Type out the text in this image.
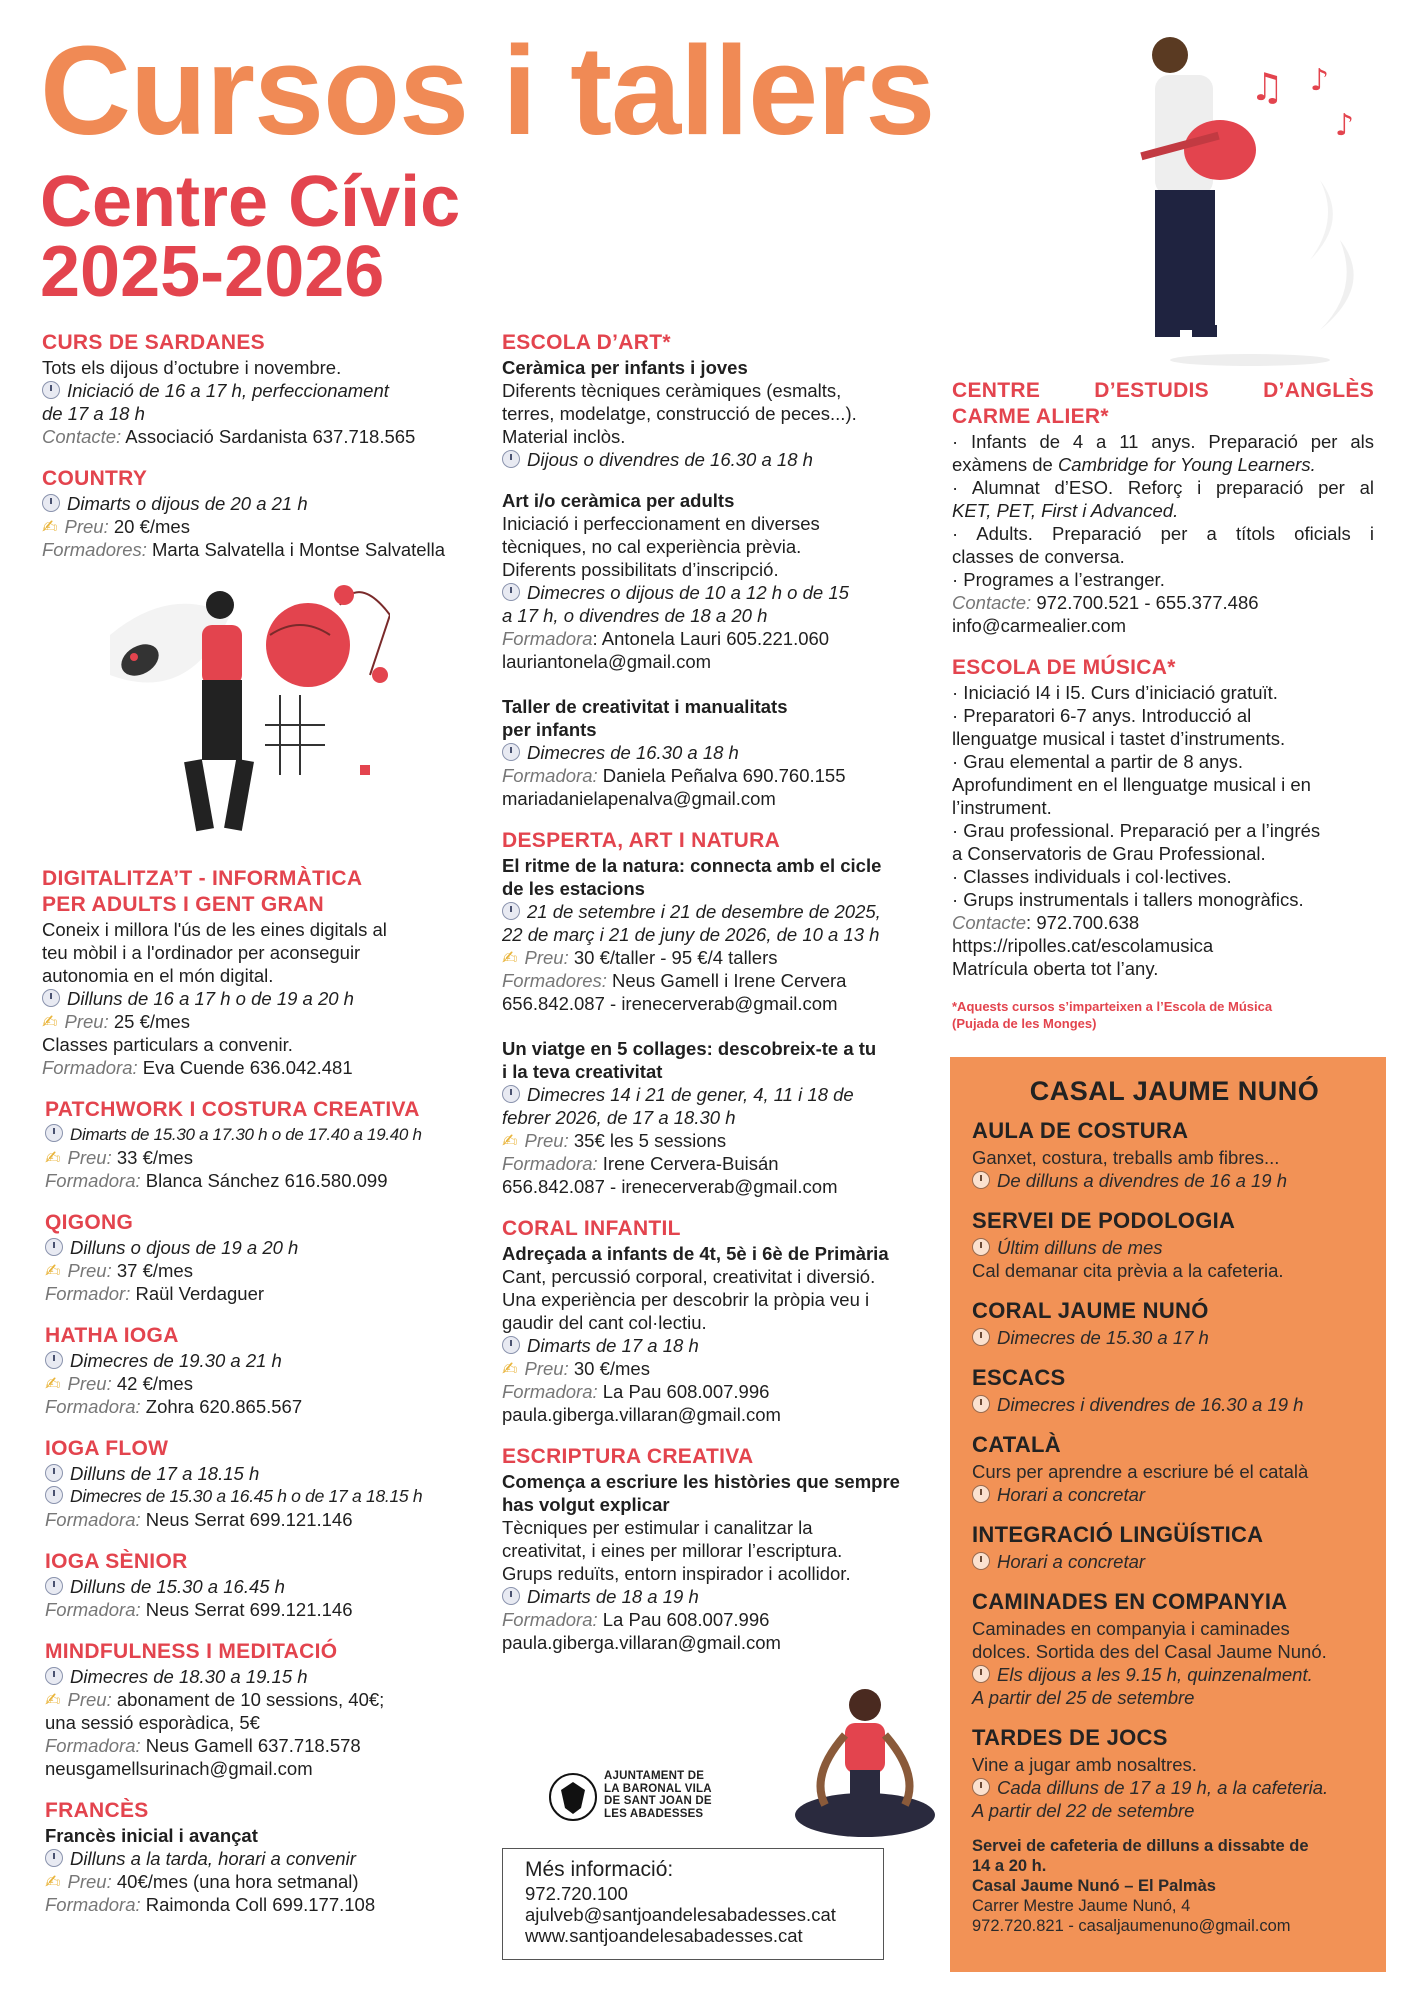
Cursos i tallers
Centre Cívic
2025-2026
♫ ♪
♪
CURS DE SARDANES
Tots els dijous d’octubre i novembre.
Iniciació de 16 a 17 h, perfeccionament
de 17 a 18 h
Contacte: Associació Sardanista 637.718.565
COUNTRY
Dimarts o dijous de 20 a 21 h
✍ Preu: 20 €/mes
Formadores: Marta Salvatella i Montse Salvatella
DIGITALITZA’T - INFORMÀTICA
PER ADULTS I GENT GRAN
Coneix i millora l'ús de les eines digitals al
teu mòbil i a l'ordinador per aconseguir
autonomia en el món digital.
Dilluns de 16 a 17 h o de 19 a 20 h
✍ Preu: 25 €/mes
Classes particulars a convenir.
Formadora: Eva Cuende 636.042.481
PATCHWORK I COSTURA CREATIVA
Dimarts de 15.30 a 17.30 h o de 17.40 a 19.40 h
✍ Preu: 33 €/mes
Formadora: Blanca Sánchez 616.580.099
QIGONG
Dilluns o djous de 19 a 20 h
✍ Preu: 37 €/mes
Formador: Raül Verdaguer
HATHA IOGA
Dimecres de 19.30 a 21 h
✍ Preu: 42 €/mes
Formadora: Zohra 620.865.567
IOGA FLOW
Dilluns de 17 a 18.15 h
Dimecres de 15.30 a 16.45 h o de 17 a 18.15 h
Formadora: Neus Serrat 699.121.146
IOGA SÈNIOR
Dilluns de 15.30 a 16.45 h
Formadora: Neus Serrat 699.121.146
MINDFULNESS I MEDITACIÓ
Dimecres de 18.30 a 19.15 h
✍ Preu: abonament de 10 sessions, 40€;
una sessió esporàdica, 5€
Formadora: Neus Gamell 637.718.578
neusgamellsurinach@gmail.com
FRANCÈS
Francès inicial i avançat
Dilluns a la tarda, horari a convenir
✍ Preu: 40€/mes (una hora setmanal)
Formadora: Raimonda Coll 699.177.108
ESCOLA D’ART*
Ceràmica per infants i joves
Diferents tècniques ceràmiques (esmalts,
terres, modelatge, construcció de peces...).
Material inclòs.
Dijous o divendres de 16.30 a 18 h
Art i/o ceràmica per adults
Iniciació i perfeccionament en diverses
tècniques, no cal experiència prèvia.
Diferents possibilitats d’inscripció.
Dimecres o dijous de 10 a 12 h o de 15
a 17 h, o divendres de 18 a 20 h
Formadora: Antonela Lauri 605.221.060
lauriantonela@gmail.com
Taller de creativitat i manualitats
per infants
Dimecres de 16.30 a 18 h
Formadora: Daniela Peñalva 690.760.155
mariadanielapenalva@gmail.com
DESPERTA, ART I NATURA
El ritme de la natura: connecta amb el cicle
de les estacions
21 de setembre i 21 de desembre de 2025,
22 de març i 21 de juny de 2026, de 10 a 13 h
✍ Preu: 30 €/taller - 95 €/4 tallers
Formadores: Neus Gamell i Irene Cervera
656.842.087 - irenecerverab@gmail.com
Un viatge en 5 collages: descobreix-te a tu
i la teva creativitat
Dimecres 14 i 21 de gener, 4, 11 i 18 de
febrer 2026, de 17 a 18.30 h
✍ Preu: 35€ les 5 sessions
Formadora: Irene Cervera-Buisán
656.842.087 - irenecerverab@gmail.com
CORAL INFANTIL
Adreçada a infants de 4t, 5è i 6è de Primària
Cant, percussió corporal, creativitat i diversió.
Una experiència per descobrir la pròpia veu i
gaudir del cant col·lectiu.
Dimarts de 17 a 18 h
✍ Preu: 30 €/mes
Formadora: La Pau 608.007.996
paula.giberga.villaran@gmail.com
ESCRIPTURA CREATIVA
Comença a escriure les històries que sempre
has volgut explicar
Tècniques per estimular i canalitzar la
creativitat, i eines per millorar l’escriptura.
Grups reduïts, entorn inspirador i acollidor.
Dimarts de 18 a 19 h
Formadora: La Pau 608.007.996
paula.giberga.villaran@gmail.com
AJUNTAMENT DE
LA BARONAL VILA
DE SANT JOAN DE
LES ABADESSES
Més informació:
972.720.100
ajulveb@santjoandelesabadesses.cat
www.santjoandelesabadesses.cat
CENTRE D’ESTUDIS D’ANGLÈS
CARME ALIER*
· Infants de 4 a 11 anys. Preparació per als
exàmens de Cambridge for Young Learners.
· Alumnat d’ESO. Reforç i preparació per al
KET, PET, First i Advanced.
· Adults. Preparació per a títols oficials i
classes de conversa.
· Programes a l’estranger.
Contacte: 972.700.521 - 655.377.486
info@carmealier.com
ESCOLA DE MÚSICA*
· Iniciació I4 i I5. Curs d’iniciació gratuït.
· Preparatori 6-7 anys. Introducció al
llenguatge musical i tastet d’instruments.
· Grau elemental a partir de 8 anys.
Aprofundiment en el llenguatge musical i en
l’instrument.
· Grau professional. Preparació per a l’ingrés
a Conservatoris de Grau Professional.
· Classes individuals i col·lectives.
· Grups instrumentals i tallers monogràfics.
Contacte: 972.700.638
https://ripolles.cat/escolamusica
Matrícula oberta tot l’any.
*Aquests cursos s’imparteixen a l’Escola de Música
(Pujada de les Monges)
CASAL JAUME NUNÓ
AULA DE COSTURA
Ganxet, costura, treballs amb fibres...
De dilluns a divendres de 16 a 19 h
SERVEI DE PODOLOGIA
Últim dilluns de mes
Cal demanar cita prèvia a la cafeteria.
CORAL JAUME NUNÓ
Dimecres de 15.30 a 17 h
ESCACS
Dimecres i divendres de 16.30 a 19 h
CATALÀ
Curs per aprendre a escriure bé el català
Horari a concretar
INTEGRACIÓ LINGÜÍSTICA
Horari a concretar
CAMINADES EN COMPANYIA
Caminades en companyia i caminades
dolces. Sortida des del Casal Jaume Nunó.
Els dijous a les 9.15 h, quinzenalment.
A partir del 25 de setembre
TARDES DE JOCS
Vine a jugar amb nosaltres.
Cada dilluns de 17 a 19 h, a la cafeteria.
A partir del 22 de setembre
Servei de cafeteria de dilluns a dissabte de
14 a 20 h.
Casal Jaume Nunó – El Palmàs
Carrer Mestre Jaume Nunó, 4
972.720.821 - casaljaumenuno@gmail.com
